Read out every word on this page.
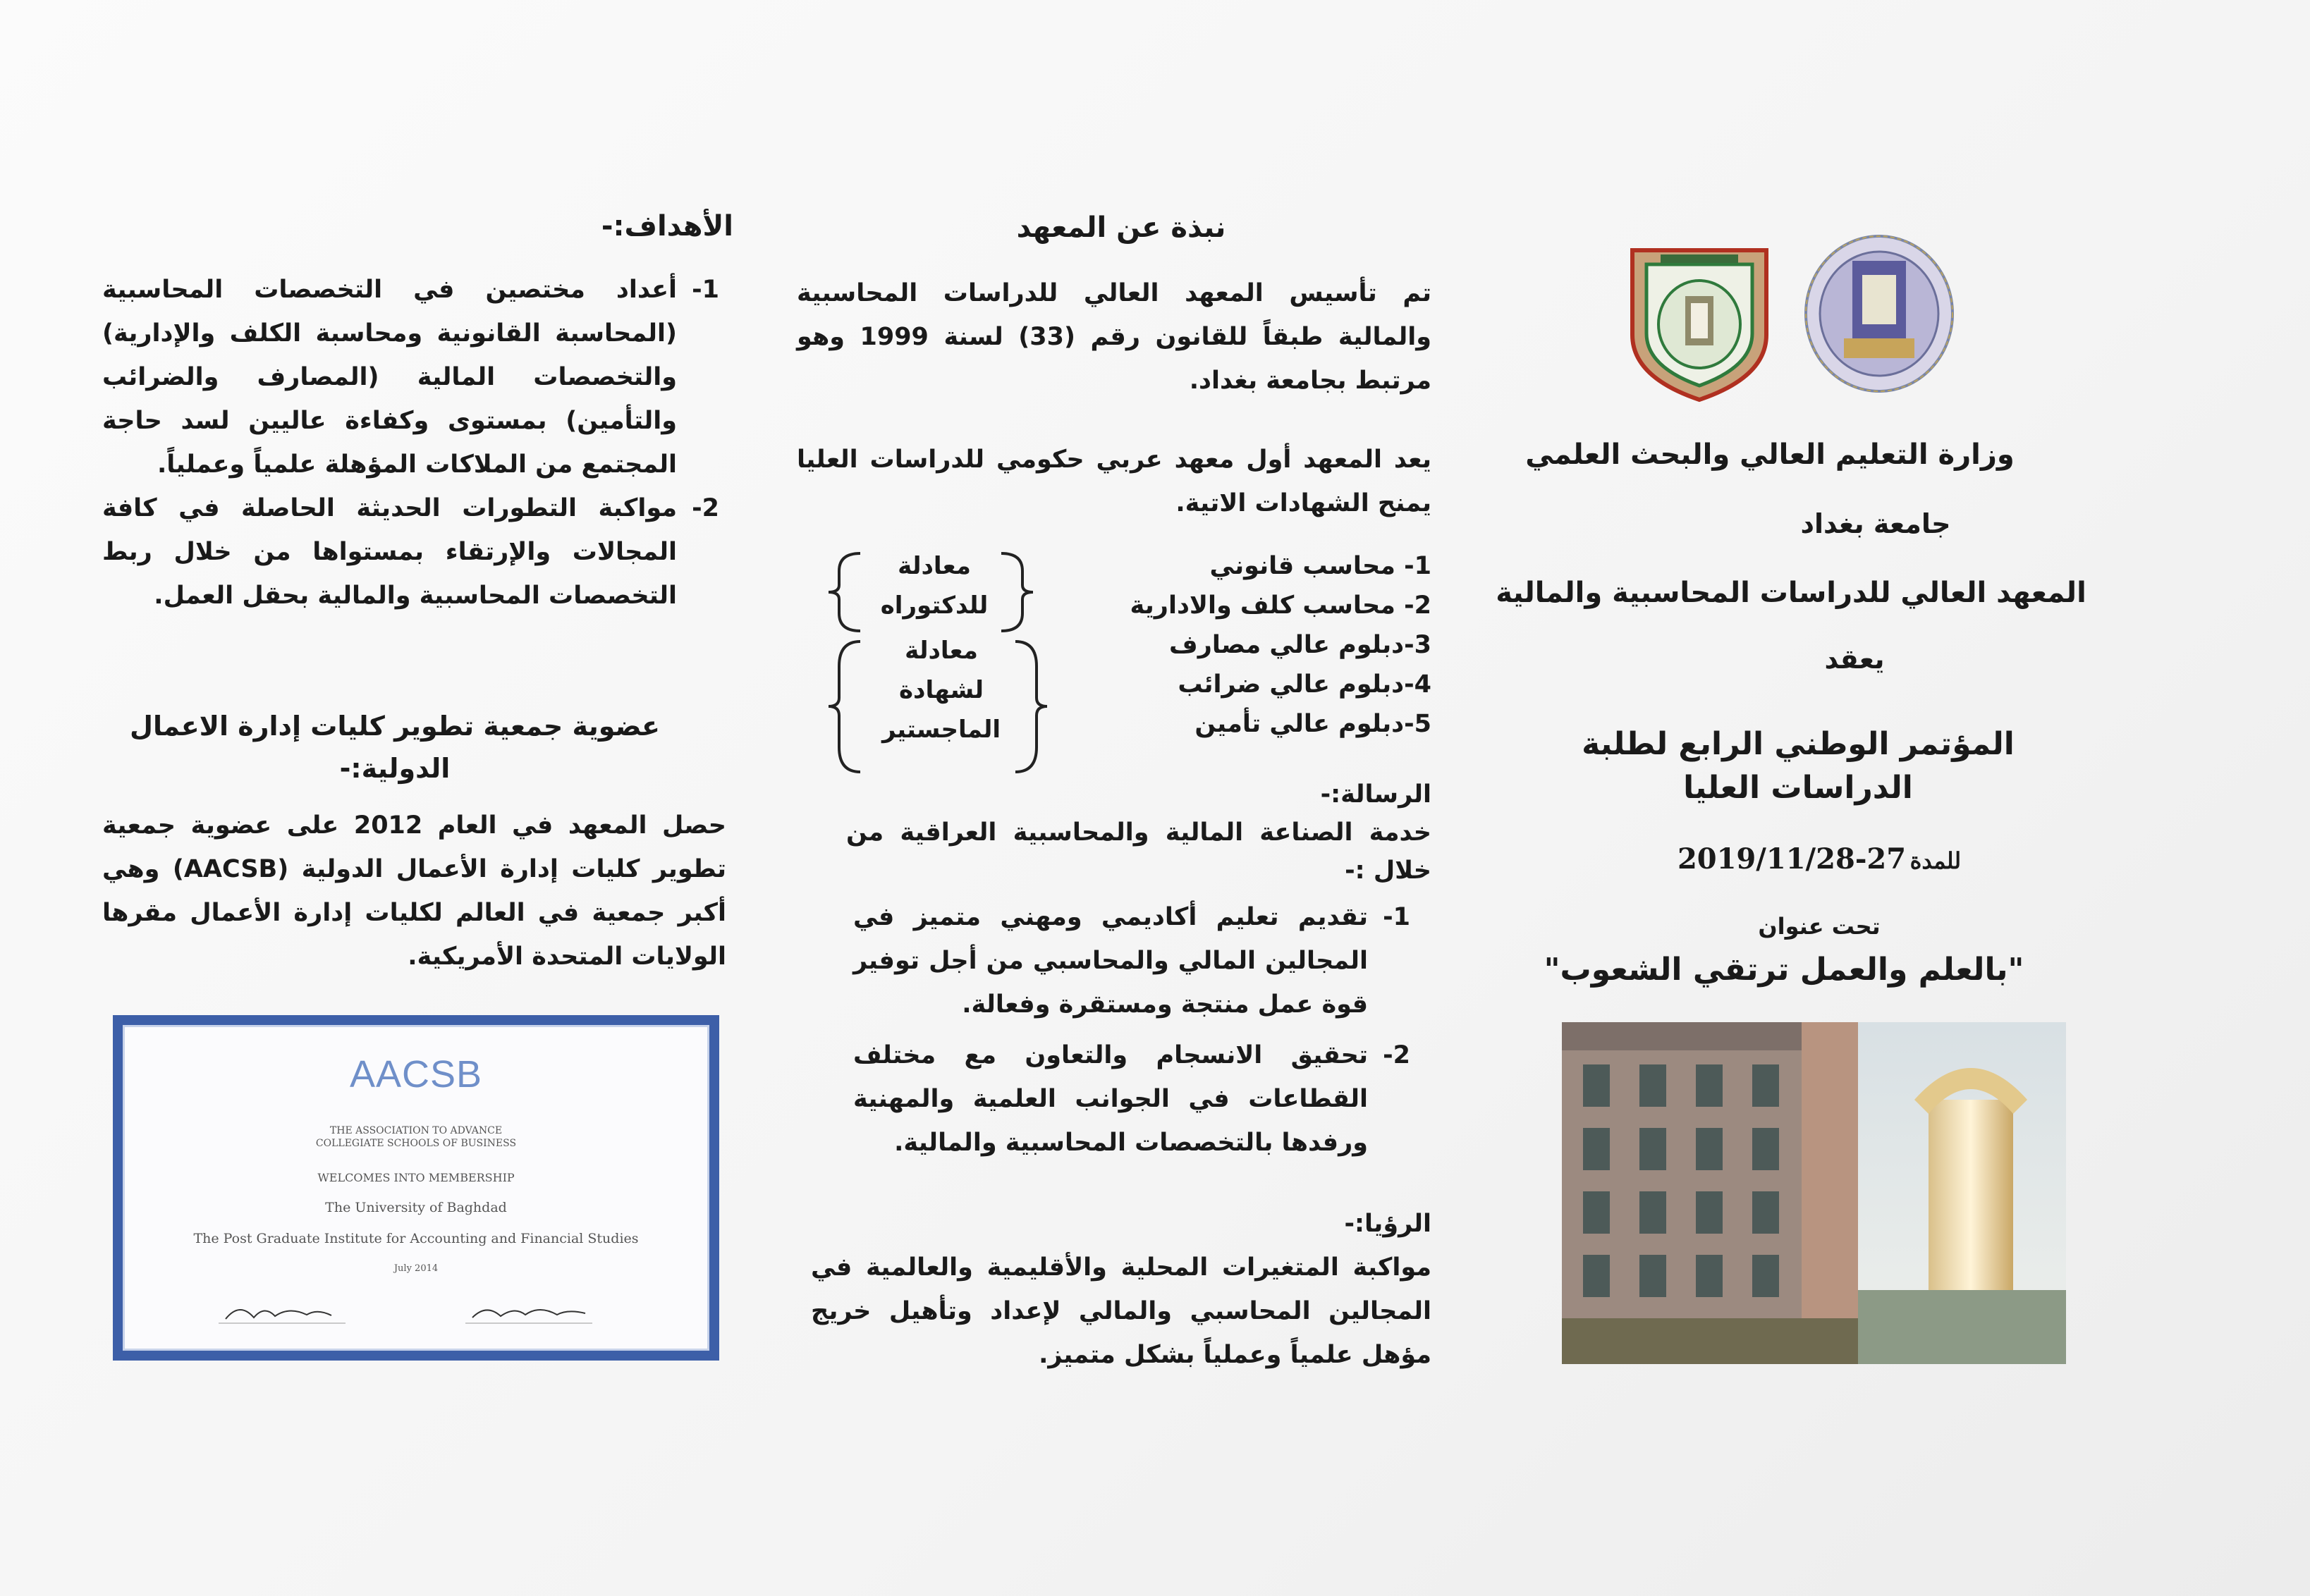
وزارة التعليم العالي والبحث العلمي

جامعة بغداد

المعهد العالي للدراسات المحاسبية والمالية

يعقد

المؤتمر الوطني الرابع لطلبة

الدراسات العليا

للمدة 2019/11/28-27

تحت عنوان

"بالعلم والعمل ترتقي الشعوب"

نبذة عن المعهد

تم تأسيس المعهد العالي للدراسات المحاسبية والمالية طبقاً للقانون رقم (33) لسنة 1999 وهو مرتبط بجامعة بغداد.

يعد المعهد أول معهد عربي حكومي للدراسات العليا يمنح الشهادات الاتية.

1- محاسب قانوني

2- محاسب كلف والادارية

3-دبلوم عالي مصارف

4-دبلوم عالي ضرائب

5-دبلوم عالي تأمين

معادلة
للدكتوراه
معادلة
لشهادة
الماجستير

الرسالة:-

خدمة الصناعة المالية والمحاسبية العراقية من خلال :-

1-
تقديم تعليم أكاديمي ومهني متميز في المجالين المالي والمحاسبي من أجل توفير قوة عمل منتجة ومستقرة وفعالة.
2-
تحقيق الانسجام والتعاون مع مختلف القطاعات في الجوانب العلمية والمهنية ورفدها بالتخصصات المحاسبية والمالية.

الرؤيا:-

مواكبة المتغيرات المحلية والأقليمية والعالمية في المجالين المحاسبي والمالي لإعداد وتأهيل خريج مؤهل علمياً وعملياً بشكل متميز.

الأهداف:-

1-
أعداد مختصين في التخصصات المحاسبية (المحاسبة القانونية ومحاسبة الكلف والإدارية) والتخصصات المالية (المصارف والضرائب والتأمين) بمستوى وكفاءة عاليين لسد حاجة المجتمع من الملاكات المؤهلة علمياً وعملياً.
2-
مواكبة التطورات الحديثة الحاصلة في كافة المجالات والإرتقاء بمستواها من خلال ربط التخصصات المحاسبية والمالية بحقل العمل.

عضوية جمعية تطوير كليات إدارة الاعمال الدولية:-

حصل المعهد في العام 2012 على عضوية جمعية تطوير كليات إدارة الأعمال الدولية (AACSB) وهي أكبر جمعية في العالم لكليات إدارة الأعمال مقرها الولايات المتحدة الأمريكية.

AACSB
THE ASSOCIATION TO ADVANCE
COLLEGIATE SCHOOLS OF BUSINESS
WELCOMES INTO MEMBERSHIP
The University of Baghdad
The Post Graduate Institute for Accounting and Financial Studies
July 2014
